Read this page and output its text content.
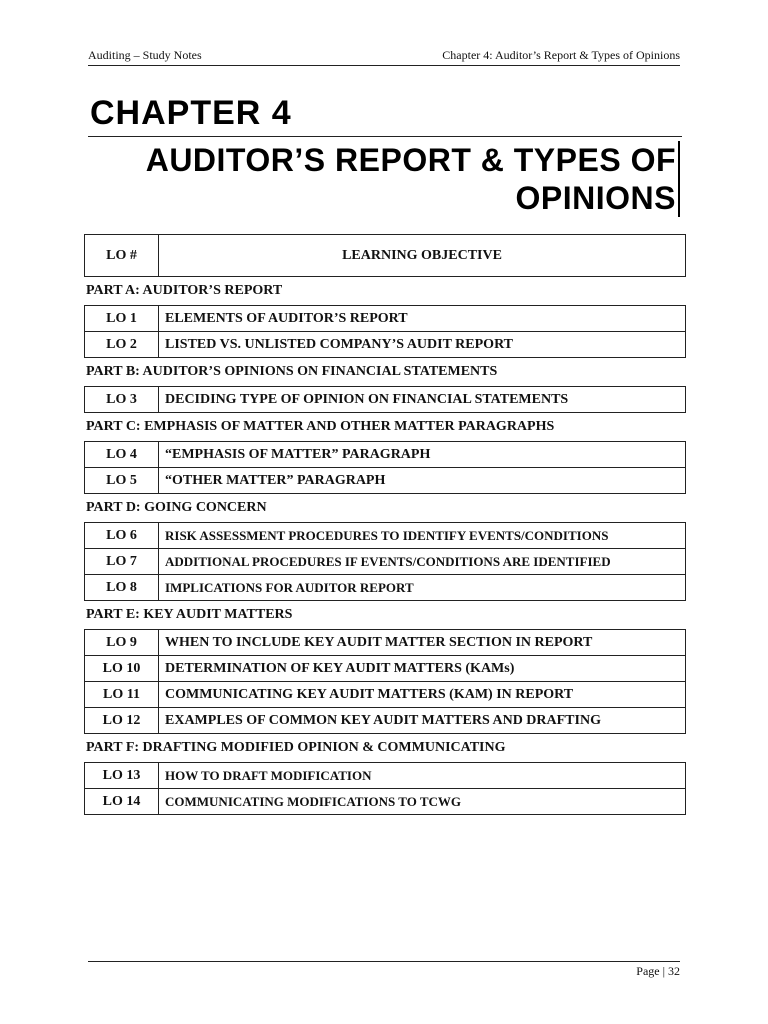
Auditing – Study Notes	Chapter 4: Auditor’s Report & Types of Opinions
CHAPTER 4
AUDITOR’S REPORT & TYPES OF OPINIONS
LO #	LEARNING OBJECTIVE
PART A: AUDITOR’S REPORT
LO 1	ELEMENTS OF AUDITOR’S REPORT
LO 2	LISTED VS. UNLISTED COMPANY’S AUDIT REPORT
PART B: AUDITOR’S OPINIONS ON FINANCIAL STATEMENTS
LO 3	DECIDING TYPE OF OPINION ON FINANCIAL STATEMENTS
PART C: EMPHASIS OF MATTER AND OTHER MATTER PARAGRAPHS
LO 4	“EMPHASIS OF MATTER” PARAGRAPH
LO 5	“OTHER MATTER” PARAGRAPH
PART D: GOING CONCERN
LO 6	RISK ASSESSMENT PROCEDURES TO IDENTIFY EVENTS/CONDITIONS
LO 7	ADDITIONAL PROCEDURES IF EVENTS/CONDITIONS ARE IDENTIFIED
LO 8	IMPLICATIONS FOR AUDITOR REPORT
PART E: KEY AUDIT MATTERS
LO 9	WHEN TO INCLUDE KEY AUDIT MATTER SECTION IN REPORT
LO 10	DETERMINATION OF KEY AUDIT MATTERS (KAMs)
LO 11	COMMUNICATING KEY AUDIT MATTERS (KAM) IN REPORT
LO 12	EXAMPLES OF COMMON KEY AUDIT MATTERS AND DRAFTING
PART F: DRAFTING MODIFIED OPINION & COMMUNICATING
LO 13	HOW TO DRAFT MODIFICATION
LO 14	COMMUNICATING MODIFICATIONS TO TCWG
Page | 32
